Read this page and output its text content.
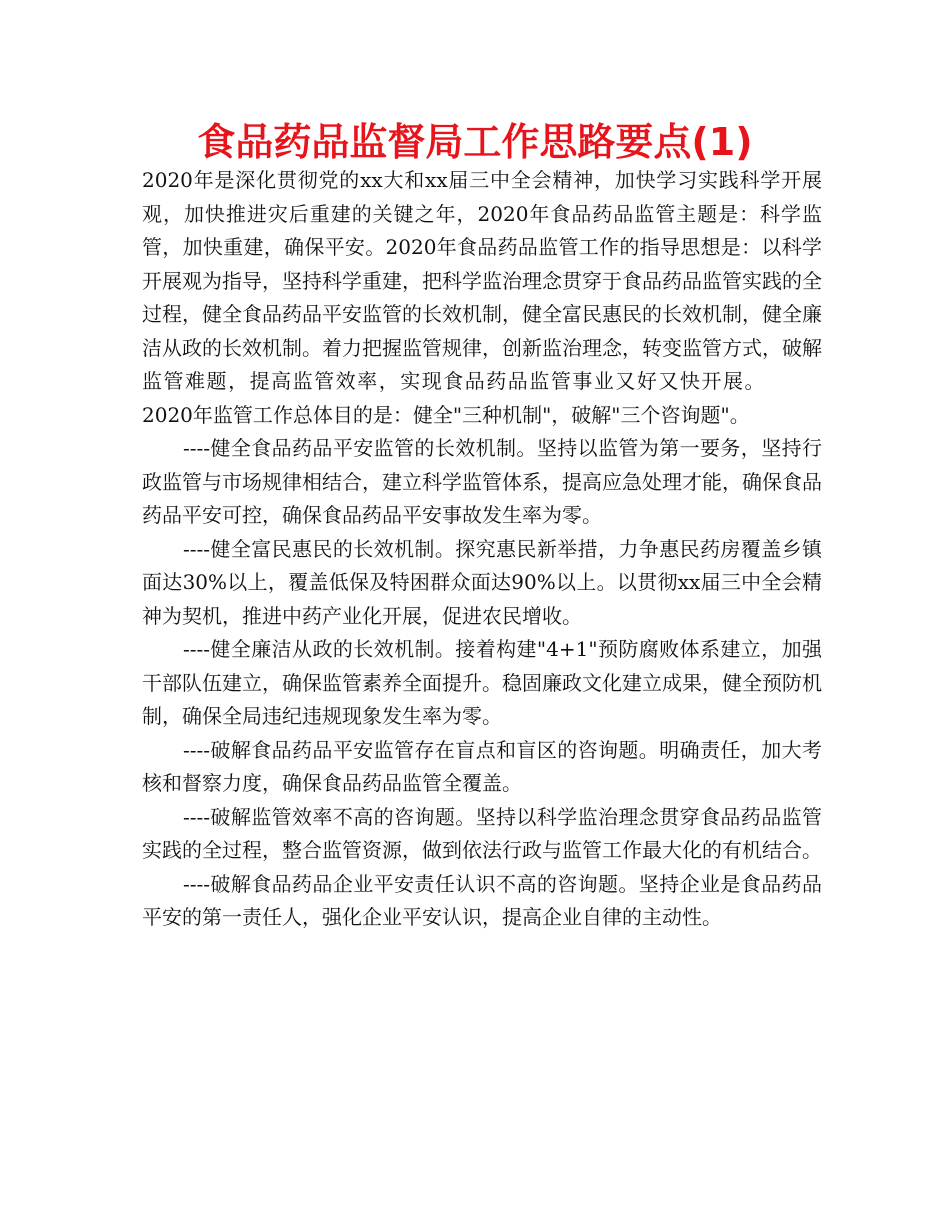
食品药品监督局工作思路要点(1)

2020年是深化贯彻党的xx大和xx届三中全会精神，加快学习实践科学开展观，加快推进灾后重建的关键之年，2020年食品药品监管主题是：科学监管，加快重建，确保平安。2020年食品药品监管工作的指导思想是：以科学开展观为指导，坚持科学重建，把科学监治理念贯穿于食品药品监管实践的全过程，健全食品药品平安监管的长效机制，健全富民惠民的长效机制，健全廉洁从政的长效机制。着力把握监管规律，创新监治理念，转变监管方式，破解监管难题，提高监管效率，实现食品药品监管事业又好又快开展。2020年监管工作总体目的是：健全"三种机制"，破解"三个咨询题"。

----健全食品药品平安监管的长效机制。坚持以监管为第一要务，坚持行政监管与市场规律相结合，建立科学监管体系，提高应急处理才能，确保食品药品平安可控，确保食品药品平安事故发生率为零。

----健全富民惠民的长效机制。探究惠民新举措，力争惠民药房覆盖乡镇面达30%以上，覆盖低保及特困群众面达90%以上。以贯彻xx届三中全会精神为契机，推进中药产业化开展，促进农民增收。

----健全廉洁从政的长效机制。接着构建"4+1"预防腐败体系建立，加强干部队伍建立，确保监管素养全面提升。稳固廉政文化建立成果，健全预防机制，确保全局违纪违规现象发生率为零。

----破解食品药品平安监管存在盲点和盲区的咨询题。明确责任，加大考核和督察力度，确保食品药品监管全覆盖。

----破解监管效率不高的咨询题。坚持以科学监治理念贯穿食品药品监管实践的全过程，整合监管资源，做到依法行政与监管工作最大化的有机结合。

----破解食品药品企业平安责任认识不高的咨询题。坚持企业是食品药品平安的第一责任人，强化企业平安认识，提高企业自律的主动性。
